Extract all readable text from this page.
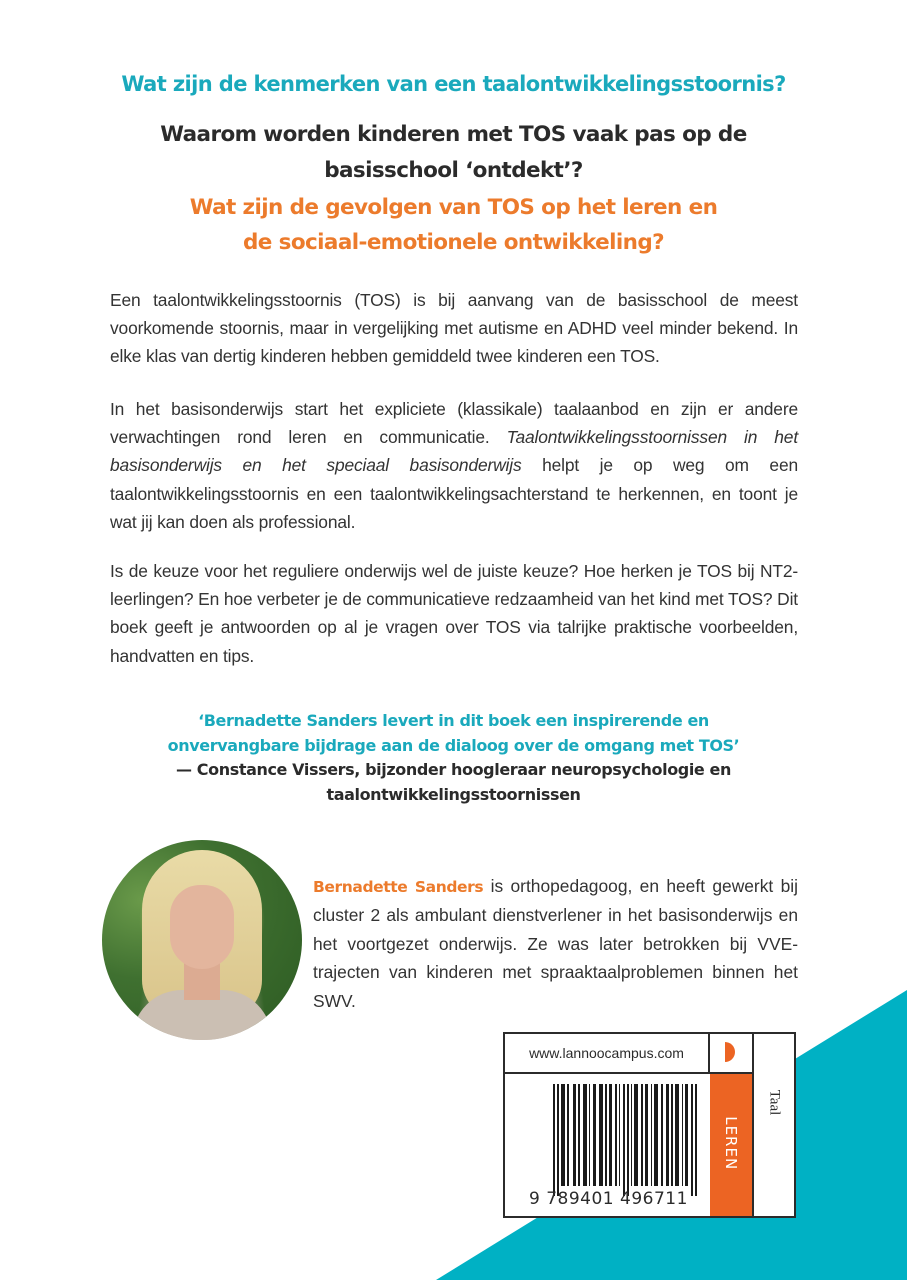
Wat zijn de kenmerken van een taalontwikkelingsstoornis?
Waarom worden kinderen met TOS vaak pas op de
basisschool ‘ontdekt’?
Wat zijn de gevolgen van TOS op het leren en
de sociaal-emotionele ontwikkeling?

Een taalontwikkelingsstoornis (TOS) is bij aanvang van de basisschool de meest voorkomende stoornis, maar in vergelijking met autisme en ADHD veel minder bekend. In elke klas van dertig kinderen hebben gemiddeld twee kinderen een TOS.

In het basisonderwijs start het expliciete (klassikale) taalaanbod en zijn er andere verwachtingen rond leren en communicatie. Taalontwikkelingsstoornissen in het basisonderwijs en het speciaal basisonderwijs helpt je op weg om een taalontwikkelingsstoornis en een taalontwikkelingsachterstand te herkennen, en toont je wat jij kan doen als professional.

Is de keuze voor het reguliere onderwijs wel de juiste keuze? Hoe herken je TOS bij NT2-leerlingen? En hoe verbeter je de communicatieve redzaamheid van het kind met TOS? Dit boek geeft je antwoorden op al je vragen over TOS via talrijke praktische voorbeelden, handvatten en tips.

‘Bernadette Sanders levert in dit boek een inspirerende en
onvervangbare bijdrage aan de dialoog over de omgang met TOS’
— Constance Vissers, bijzonder hoogleraar neuropsychologie en
taalontwikkelingsstoornissen

Bernadette Sanders is orthopedagoog, en heeft gewerkt bij cluster 2 als ambulant dienstverlener in het basisonderwijs en het voortgezet onderwijs. Ze was later betrokken bij VVE-trajecten van kinderen met spraaktaalproblemen binnen het SWV.

www.lannoocampus.com
LEREN
Taal
9 789401 496711
